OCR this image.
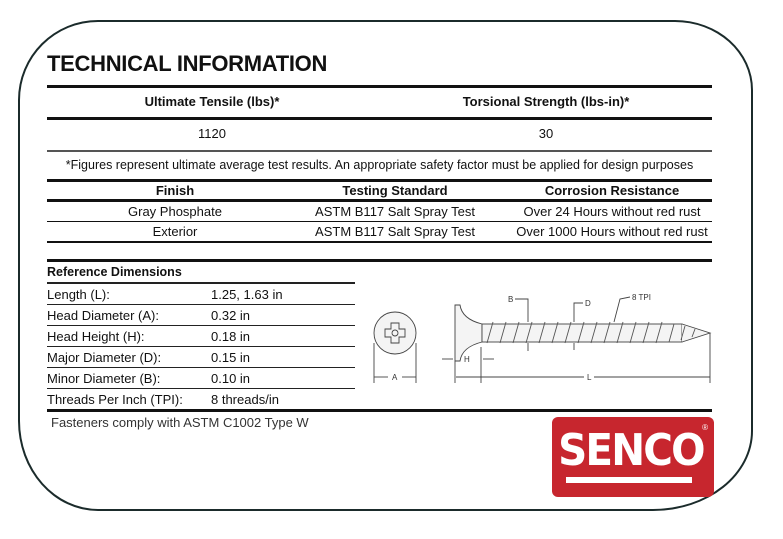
TECHNICAL INFORMATION
Ultimate Tensile (lbs)*	Torsional Strength (lbs-in)*
1120	30
*Figures represent ultimate average test results. An appropriate safety factor must be applied for design purposes
Finish	Testing Standard	Corrosion Resistance
Gray Phosphate	ASTM B117 Salt Spray Test	Over 24 Hours without red rust
Exterior	ASTM B117 Salt Spray Test	Over 1000 Hours without red rust
Reference Dimensions
Length (L):	1.25, 1.63 in
Head Diameter (A):	0.32 in
Head Height (H):	0.18 in
Major Diameter (D):	0.15 in
Minor Diameter (B):	0.10 in
Threads Per Inch (TPI): 8 threads/in
Fasteners comply with ASTM C1002 Type W
A
H
L
B	D
8 TPI
SENCO
®
